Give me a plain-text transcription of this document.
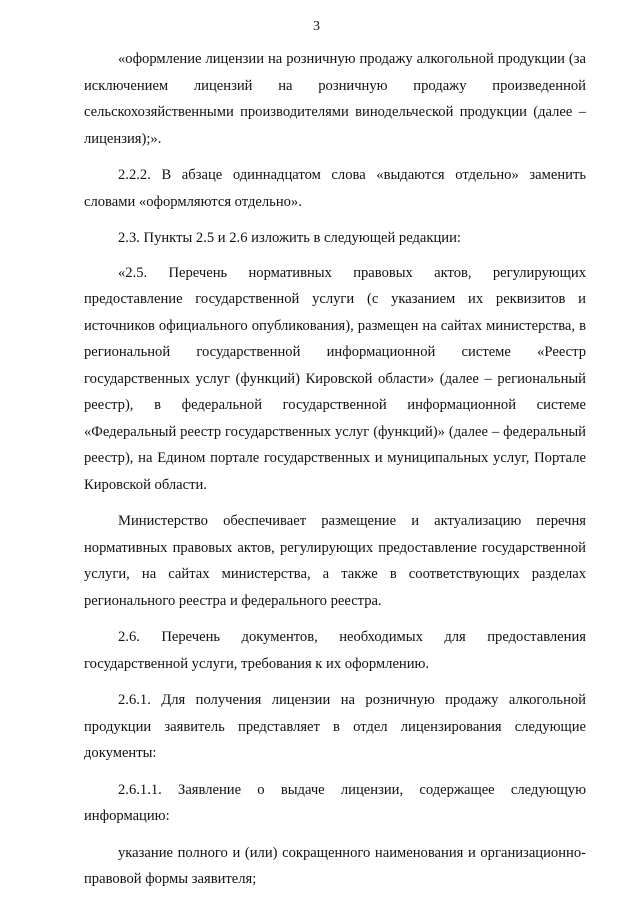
3

«оформление лицензии на розничную продажу алкогольной продукции (за исключением лицензий на розничную продажу произведенной сельскохозяйственными производителями винодельческой продукции (далее – лицензия);».

2.2.2. В абзаце одиннадцатом слова «выдаются отдельно» заменить словами «оформляются отдельно».

2.3. Пункты 2.5 и 2.6 изложить в следующей редакции:

«2.5. Перечень нормативных правовых актов, регулирующих предоставление государственной услуги (с указанием их реквизитов и источников официального опубликования), размещен на сайтах министерства, в региональной государственной информационной системе «Реестр государственных услуг (функций) Кировской области» (далее – региональный реестр), в федеральной государственной информационной системе «Федеральный реестр государственных услуг (функций)» (далее – федеральный реестр), на Едином портале государственных и муниципальных услуг, Портале Кировской области.

Министерство обеспечивает размещение и актуализацию перечня нормативных правовых актов, регулирующих предоставление государственной услуги, на сайтах министерства, а также в соответствующих разделах регионального реестра и федерального реестра.

2.6. Перечень документов, необходимых для предоставления государственной услуги, требования к их оформлению.

2.6.1. Для получения лицензии на розничную продажу алкогольной продукции заявитель представляет в отдел лицензирования следующие документы:

2.6.1.1. Заявление о выдаче лицензии, содержащее следующую информацию:

указание полного и (или) сокращенного наименования и организационно-правовой формы заявителя;
